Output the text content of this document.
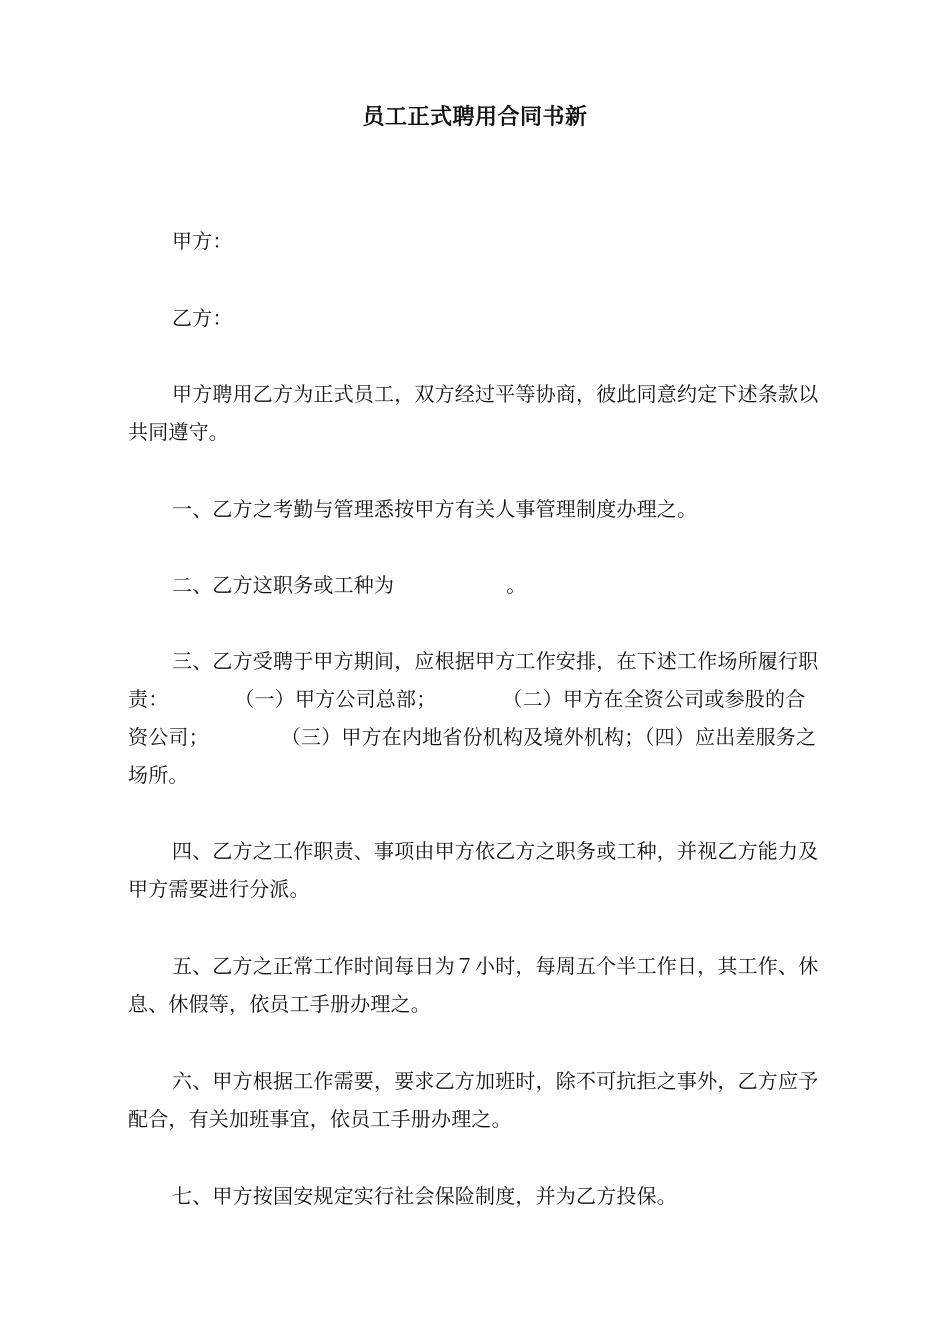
员工正式聘用合同书新
甲方：
乙方：
甲方聘用乙方为正式员工，双方经过平等协商，彼此同意约定下述条款以共同遵守。
一、乙方之考勤与管理悉按甲方有关人事管理制度办理之。
二、乙方这职务或工种为	。
三、乙方受聘于甲方期间，应根据甲方工作安排，在下述工作场所履行职责：	（一）甲方公司总部；	（二）甲方在全资公司或参股的合资公司；	（三）甲方在内地省份机构及境外机构；（四）应出差服务之场所。
四、乙方之工作职责、事项由甲方依乙方之职务或工种，并视乙方能力及甲方需要进行分派。
五、乙方之正常工作时间每日为７小时，每周五个半工作日，其工作、休息、休假等，依员工手册办理之。
六、甲方根据工作需要，要求乙方加班时，除不可抗拒之事外，乙方应予配合，有关加班事宜，依员工手册办理之。
七、甲方按国安规定实行社会保险制度，并为乙方投保。
